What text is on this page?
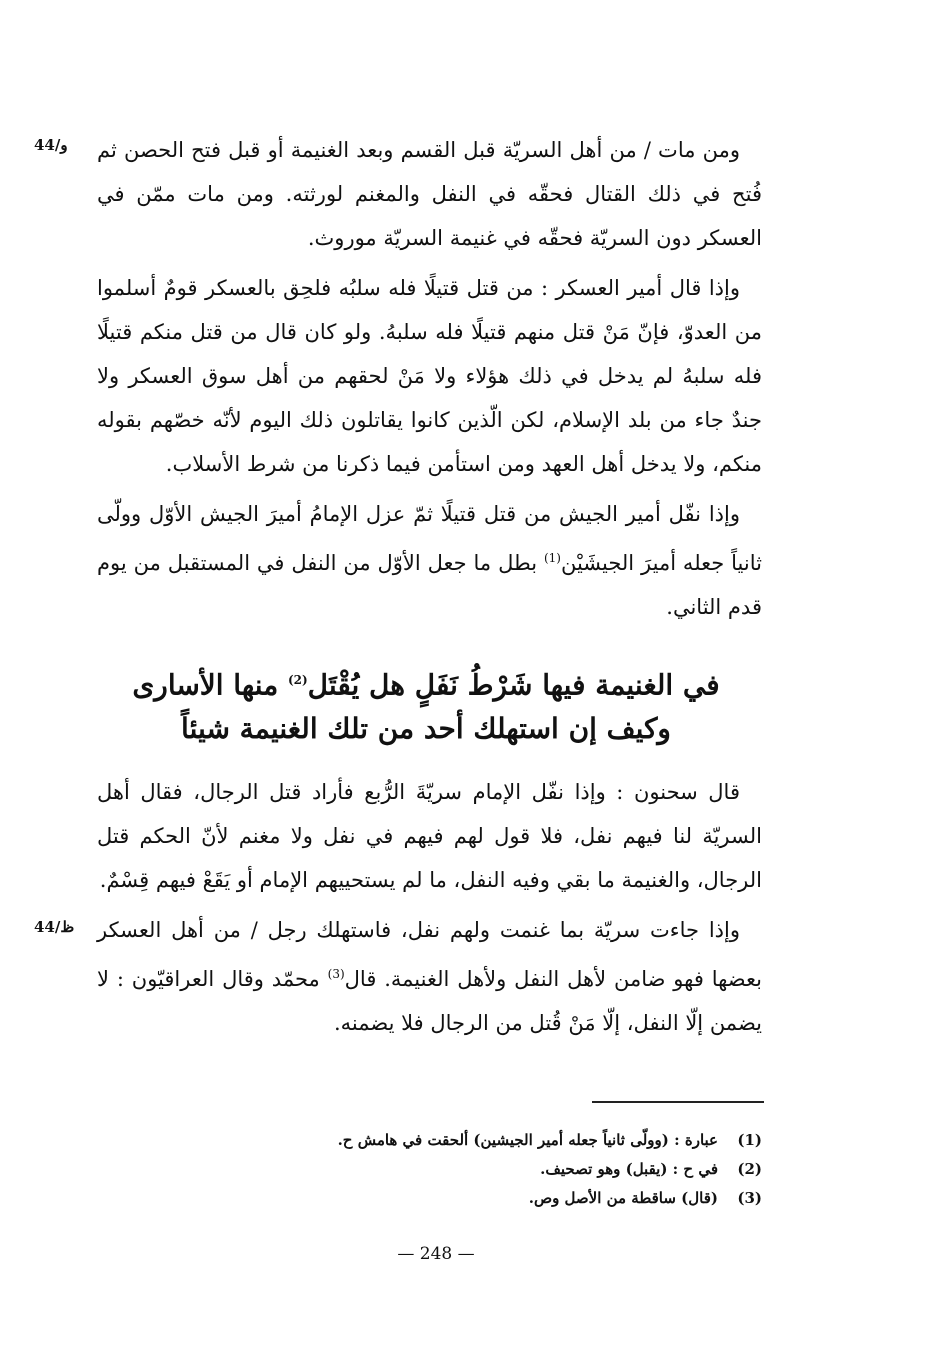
44/و	ومن مات / من أهل السريّة قبل القسم وبعد الغنيمة أو قبل فتح الحصن ثم فُتح في ذلك القتال فحقّه في النفل والمغنم لورثته. ومن مات ممّن في العسكر دون السريّة فحقّه في غنيمة السريّة موروث.

وإذا قال أمير العسكر : من قتل قتيلًا فله سلبُه فلحِق بالعسكر قومٌ أسلموا من العدوّ، فإنّ مَنْ قتل منهم قتيلًا فله سلبهُ. ولو كان قال من قتل منكم قتيلًا فله سلبهُ لم يدخل في ذلك هؤلاء ولا مَنْ لحقهم من أهل سوق العسكر ولا جندٌ جاء من بلد الإسلام، لكن الّذين كانوا يقاتلون ذلك اليوم لأنّه خصّهم بقوله منكم، ولا يدخل أهل العهد ومن استأمن فيما ذكرنا من شرط الأسلاب.

وإذا نفّل أمير الجيش من قتل قتيلًا ثمّ عزل الإمامُ أميرَ الجيش الأوّل وولّى ثانياً جعله أميرَ الجيشَيْن$^{(1)}$ بطل ما جعل الأوّل من النفل في المستقبل من يوم قدم الثاني.

في الغنيمة فيها شَرْطُ نَفَلٍ هل يُقْتَل$^{(2)}$ منها الأسارى
وكيف إن استهلك أحد من تلك الغنيمة شيئاً

قال سحنون : وإذا نفّل الإمام سريّةَ الرُّبع فأراد قتل الرجال، فقال أهل السريّة لنا فيهم نفل، فلا قول لهم فيهم في نفل ولا مغنم لأنّ الحكم قتل الرجال، والغنيمة ما بقي وفيه النفل، ما لم يستحييهم الإمام أو يَقَعْ فيهم قِسْمٌ.

وإذا جاءت سريّة بما غنمت ولهم نفل، فاستهلك رجل / من أهل العسكر بعضها فهو ضامن لأهل النفل ولأهل الغنيمة. قال$^{(3)}$ محمّد وقال العراقيّون : لا يضمن إلّا النفل، إلّا مَنْ قُتل من الرجال فلا يضمنه.

44/ظ
(1)
عبارة : (وولّى ثانياً جعله أمير الجيشين) ألحقت في هامش ح.
(2)
في ح : (يقبل) وهو تصحيف.
(3)
(قال) ساقطة من الأصل وص.
— 248 —
